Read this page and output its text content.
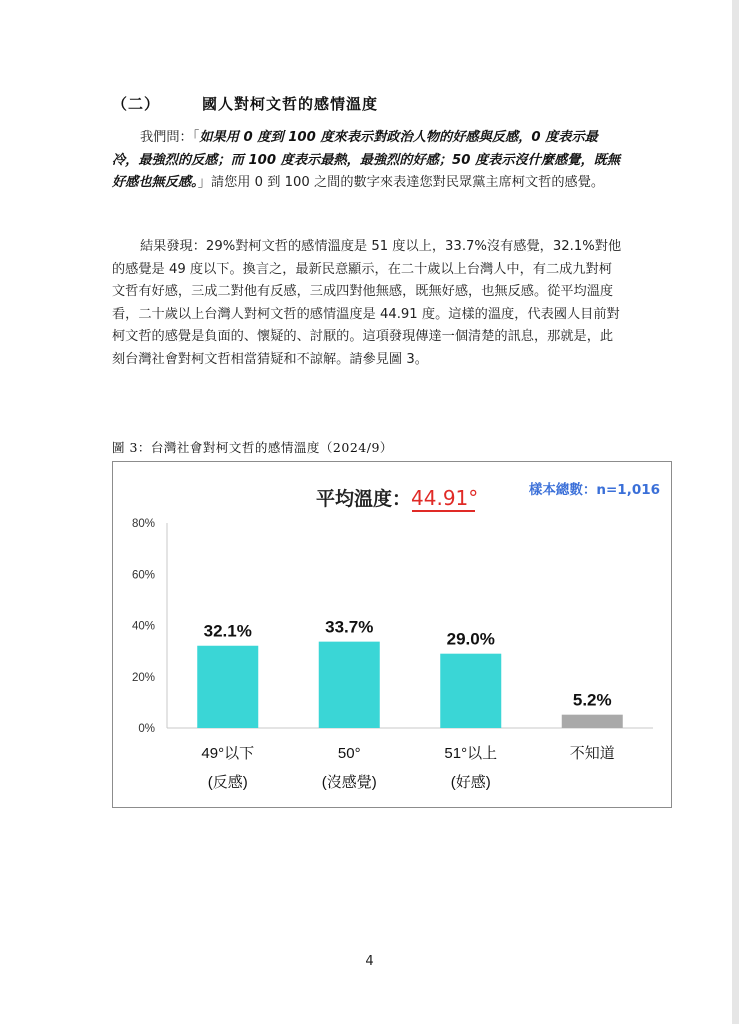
（二）	國人對柯文哲的感情溫度
我們問：「如果用 0 度到 100 度來表示對政治人物的好感與反感，0 度表示最冷，最強烈的反感；而 100 度表示最熱，最強烈的好感；50 度表示沒什麼感覺，既無好感也無反感。」請您用 0 到 100 之間的數字來表達您對民眾黨主席柯文哲的感覺。
結果發現：29%對柯文哲的感情溫度是 51 度以上，33.7%沒有感覺，32.1%對他的感覺是 49 度以下。換言之，最新民意顯示，在二十歲以上台灣人中，有二成九對柯文哲有好感，三成二對他有反感，三成四對他無感，既無好感，也無反感。從平均溫度看，二十歲以上台灣人對柯文哲的感情溫度是 44.91 度。這樣的溫度，代表國人目前對柯文哲的感覺是負面的、懷疑的、討厭的。這項發現傳達一個清楚的訊息，那就是，此刻台灣社會對柯文哲相當猜疑和不諒解。請參見圖 3。
圖 3：台灣社會對柯文哲的感情溫度（2024/9）
平均溫度：44.91°	樣本總數：n=1,016
0%
20%
40%
60%
80%
32.1%	33.7%
29.0%
5.2%
49°以下
(反感)
50°
(沒感覺)
51°以上
(好感)
不知道
4
